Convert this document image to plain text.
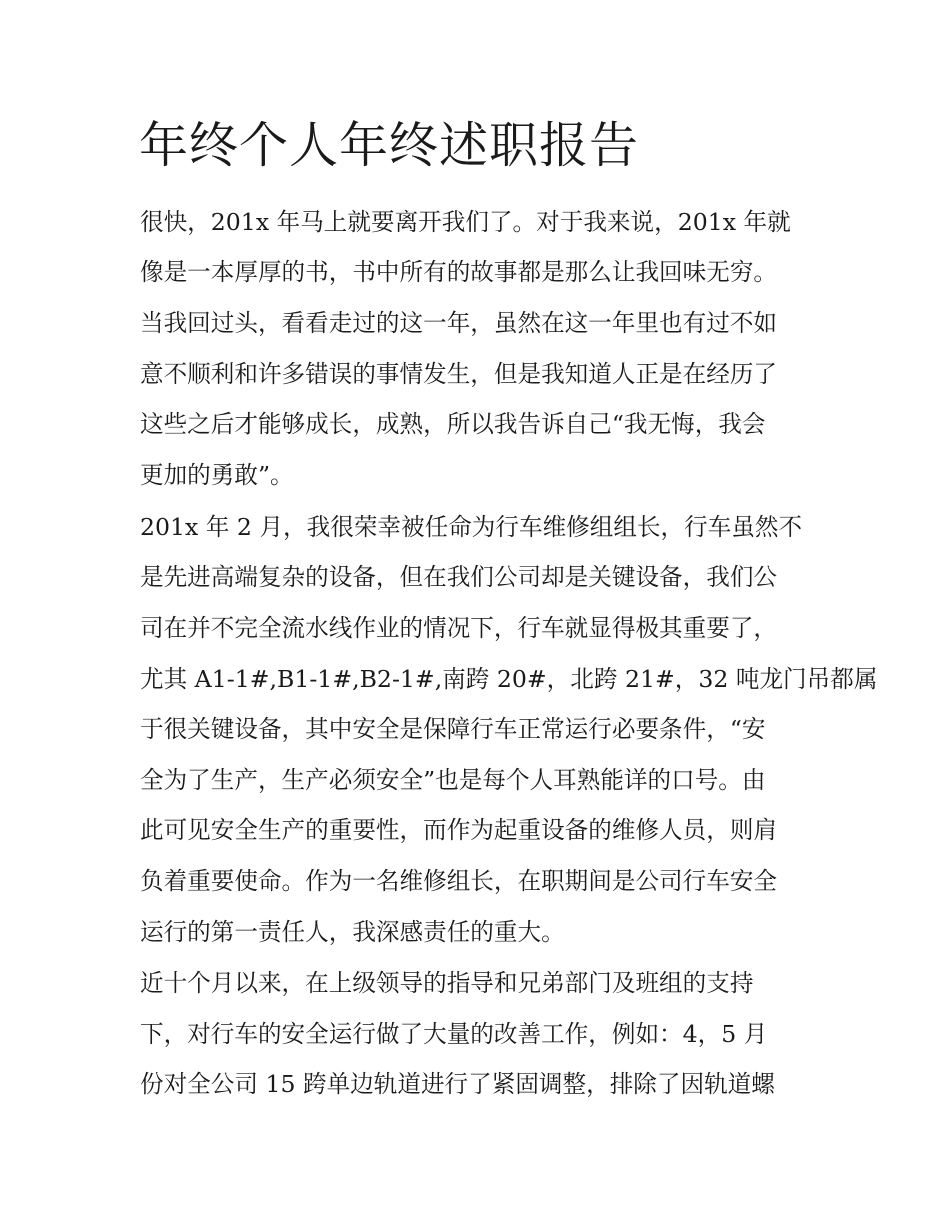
年终个人年终述职报告

很快，201x 年马上就要离开我们了。对于我来说，201x 年就

像是一本厚厚的书，书中所有的故事都是那么让我回味无穷。

当我回过头，看看走过的这一年，虽然在这一年里也有过不如

意不顺利和许多错误的事情发生，但是我知道人正是在经历了

这些之后才能够成长，成熟，所以我告诉自己“我无悔，我会

更加的勇敢”。

201x 年 2 月，我很荣幸被任命为行车维修组组长，行车虽然不

是先进高端复杂的设备，但在我们公司却是关键设备，我们公

司在并不完全流水线作业的情况下，行车就显得极其重要了，

尤其 A1-1#,B1-1#,B2-1#,南跨 20#，北跨 21#，32 吨龙门吊都属

于很关键设备，其中安全是保障行车正常运行必要条件，“安

全为了生产，生产必须安全”也是每个人耳熟能详的口号。由

此可见安全生产的重要性，而作为起重设备的维修人员，则肩

负着重要使命。作为一名维修组长，在职期间是公司行车安全

运行的第一责任人，我深感责任的重大。

近十个月以来，在上级领导的指导和兄弟部门及班组的支持

下，对行车的安全运行做了大量的改善工作，例如：4，5 月

份对全公司 15 跨单边轨道进行了紧固调整，排除了因轨道螺
